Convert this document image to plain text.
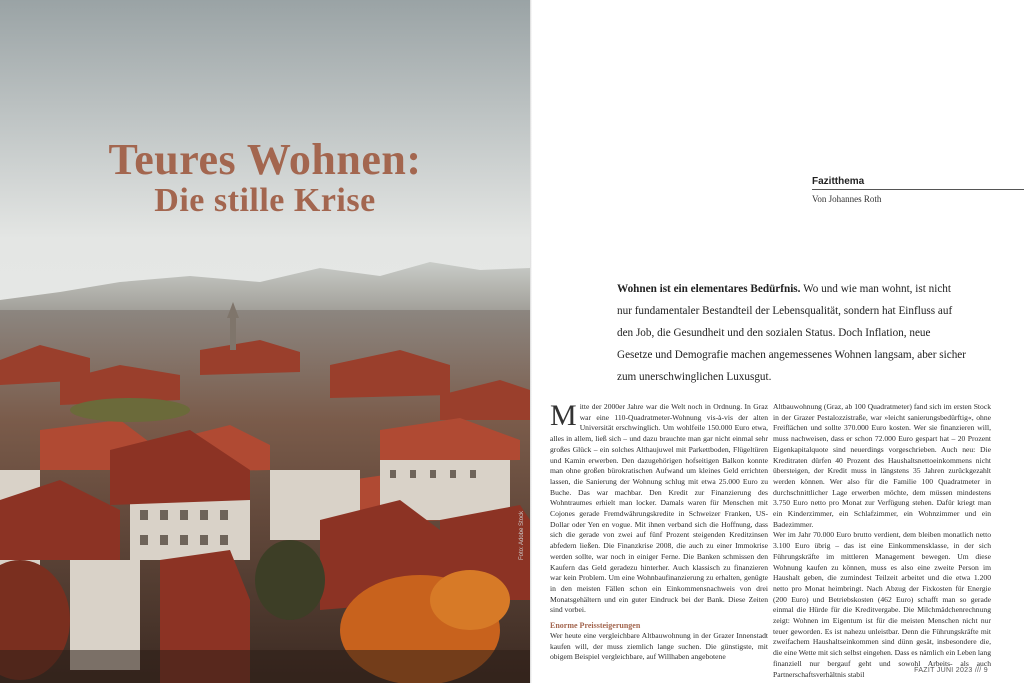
Teures Wohnen:
Die stille Krise
Foto: Adobe Stock
Fazitthema
Von Johannes Roth
Wohnen ist ein elementares Bedürfnis. Wo und wie man wohnt, ist nicht nur fundamentaler Bestandteil der Lebensqualität, sondern hat Einfluss auf den Job, die Gesundheit und den sozialen Status. Doch Inflation, neue Gesetze und Demografie machen angemessenes Wohnen langsam, aber sicher zum unerschwinglichen Luxusgut.

Mitte der 2000er Jahre war die Welt noch in Ordnung. In Graz war eine 110-Quadratmeter-Wohnung vis-à-vis der alten Universität erschwinglich. Um wohlfeile 150.000 Euro etwa, alles in allem, ließ sich – und dazu brauchte man gar nicht einmal sehr großes Glück – ein solches Althaujuwel mit Parkettboden, Flügeltüren und Kamin erwerben. Den dazugehörigen hofseitigen Balkon konnte man ohne großen bürokratischen Aufwand um kleines Geld errichten lassen, die Sanierung der Wohnung schlug mit etwa 25.000 Euro zu Buche. Das war machbar. Den Kredit zur Finanzierung des Wohntraumes erhielt man locker. Damals waren für Menschen mit Cojones gerade Fremdwährungskredite in Schweizer Franken, US-Dollar oder Yen en vogue. Mit ihnen verband sich die Hoffnung, dass sich die gerade von zwei auf fünf Prozent steigenden Kreditzinsen abfedern ließen. Die Finanzkrise 2008, die auch zu einer Immokrise werden sollte, war noch in einiger Ferne. Die Banken schmissen den Kaufern das Geld geradezu hinterher. Auch klassisch zu finanzieren war kein Problem. Um eine Wohnbaufinanzierung zu erhalten, genügte in den meisten Fällen schon ein Einkommensnachweis von drei Monatsgehältern und ein guter Eindruck bei der Bank. Diese Zeiten sind vorbei.

Enorme Preissteigerungen

Wer heute eine vergleichbare Altbauwohnung in der Grazer Innenstadt kaufen will, der muss ziemlich lange suchen. Die günstigste, mit obigem Beispiel vergleichbare, auf Willhaben angebotene

Altbauwohnung (Graz, ab 100 Quadratmeter) fand sich im ersten Stock in der Grazer Pestalozzistraße, war »leicht sanierungsbedürftig«, ohne Freiflächen und sollte 370.000 Euro kosten. Wer sie finanzieren will, muss nachweisen, dass er schon 72.000 Euro gespart hat – 20 Prozent Eigenkapitalquote sind neuerdings vorgeschrieben. Auch neu: Die Kreditraten dürfen 40 Prozent des Haushaltsnettoeinkommens nicht übersteigen, der Kredit muss in längstens 35 Jahren zurückgezahlt werden können. Wer also für die Familie 100 Quadratmeter in durchschnittlicher Lage erwerben möchte, dem müssen mindestens 3.750 Euro netto pro Monat zur Verfügung stehen. Dafür kriegt man ein Kinderzimmer, ein Schlafzimmer, ein Wohnzimmer und ein Badezimmer.

Wer im Jahr 70.000 Euro brutto verdient, dem bleiben monatlich netto 3.100 Euro übrig – das ist eine Einkommensklasse, in der sich Führungskräfte im mittleren Management bewegen. Um diese Wohnung kaufen zu können, muss es also eine zweite Person im Haushalt geben, die zumindest Teilzeit arbeitet und die etwa 1.200 netto pro Monat heimbringt. Nach Abzug der Fixkosten für Energie (200 Euro) und Betriebskosten (462 Euro) schafft man so gerade einmal die Hürde für die Kreditvergabe. Die Milchmädchenrechnung zeigt: Wohnen im Eigentum ist für die meisten Menschen nicht nur teuer geworden. Es ist nahezu unleistbar. Denn die Führungskräfte mit zweifachem Haushaltseinkommen sind dünn gesät, insbesondere die, die eine Wette mit sich selbst eingehen. Dass es nämlich ein Leben lang finanziell nur bergauf geht und sowohl Arbeits- als auch Partnerschaftsverhältnis stabil	FAZIT JUNI 2023 /// 9
